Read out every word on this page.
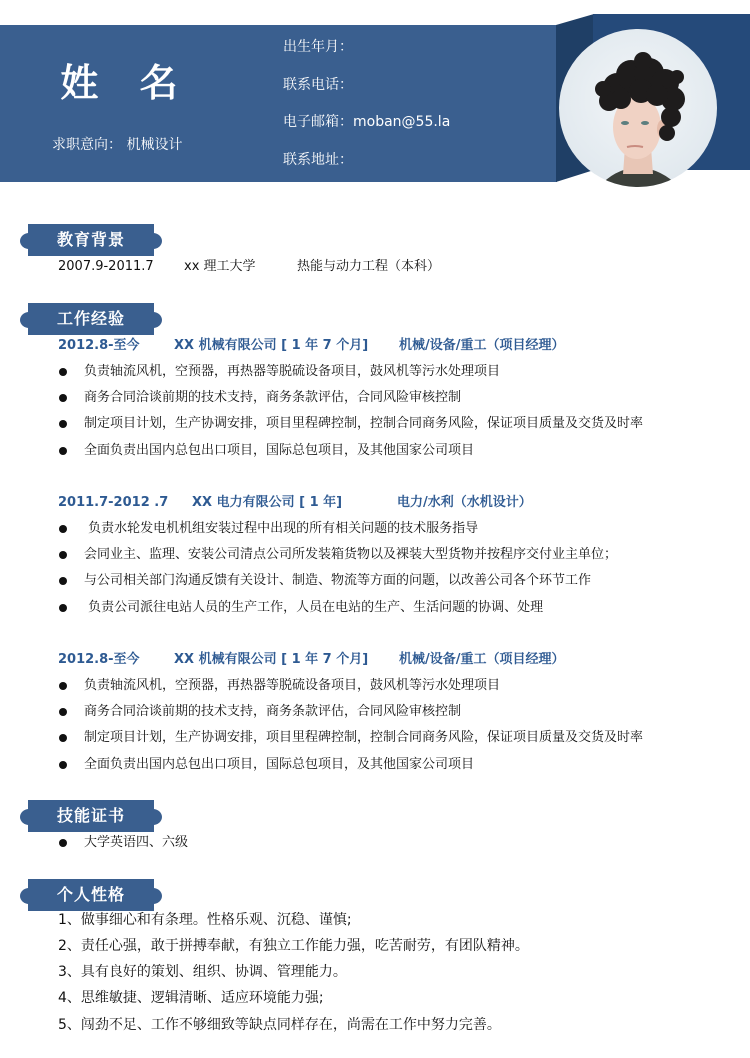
姓 名
求职意向： 机械设计
出生年月：
联系电话：
电子邮箱：moban@55.la
联系地址：
教育背景
2007.9-2011.7 xx 理工大学	热能与动力工程（本科）
工作经验
2012.8-至今	XX 机械有限公司 [ 1 年 7 个月] 机械/设备/重工（项目经理）
负责轴流风机，空预器，再热器等脱硫设备项目，鼓风机等污水处理项目
商务合同洽谈前期的技术支持，商务条款评估，合同风险审核控制
制定项目计划，生产协调安排，项目里程碑控制，控制合同商务风险，保证项目质量及交货及时率
全面负责出国内总包出口项目，国际总包项目，及其他国家公司项目
2011.7-2012 .7 XX 电力有限公司 [ 1 年]	电力/水利（水机设计）
负责水轮发电机机组安装过程中出现的所有相关问题的技术服务指导
会同业主、监理、安装公司清点公司所发装箱货物以及裸装大型货物并按程序交付业主单位；
与公司相关部门沟通反馈有关设计、制造、物流等方面的问题，以改善公司各个环节工作
负责公司派往电站人员的生产工作，人员在电站的生产、生活问题的协调、处理
2012.8-至今	XX 机械有限公司 [ 1 年 7 个月] 机械/设备/重工（项目经理）
负责轴流风机，空预器，再热器等脱硫设备项目，鼓风机等污水处理项目
商务合同洽谈前期的技术支持，商务条款评估，合同风险审核控制
制定项目计划，生产协调安排，项目里程碑控制，控制合同商务风险，保证项目质量及交货及时率
全面负责出国内总包出口项目，国际总包项目，及其他国家公司项目
技能证书
大学英语四、六级
个人性格
1、做事细心和有条理。性格乐观、沉稳、谨慎;
2、责任心强，敢于拼搏奉献，有独立工作能力强，吃苦耐劳，有团队精神。
3、具有良好的策划、组织、协调、管理能力。
4、思维敏捷、逻辑清晰、适应环境能力强;
5、闯劲不足、工作不够细致等缺点同样存在，尚需在工作中努力完善。
